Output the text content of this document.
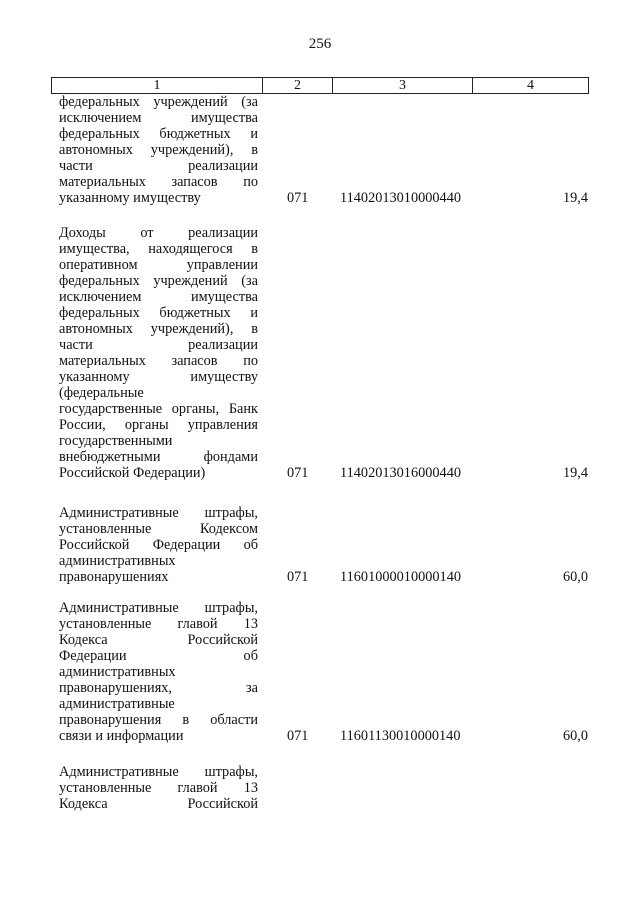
256
1	2	3	4
федеральных учреждений (за
исключением имущества
федеральных бюджетных и
автономных учреждений), в
части реализации
материальных запасов по
указанному имуществу	071 11402013010000440	19,4
Доходы от реализации
имущества, находящегося в
оперативном управлении
федеральных учреждений (за
исключением имущества
федеральных бюджетных и
автономных учреждений), в
части реализации
материальных запасов по
указанному имуществу
(федеральные
государственные органы, Банк
России, органы управления
государственными
внебюджетными фондами
Российской Федерации)	071 11402013016000440	19,4
Административные штрафы,
установленные Кодексом
Российской Федерации об
административных
правонарушениях	071 11601000010000140	60,0
Административные штрафы,
установленные главой 13
Кодекса Российской
Федерации об
административных
правонарушениях, за
административные
правонарушения в области
связи и информации	071 11601130010000140	60,0
Административные штрафы,
установленные главой 13
Кодекса Российской
